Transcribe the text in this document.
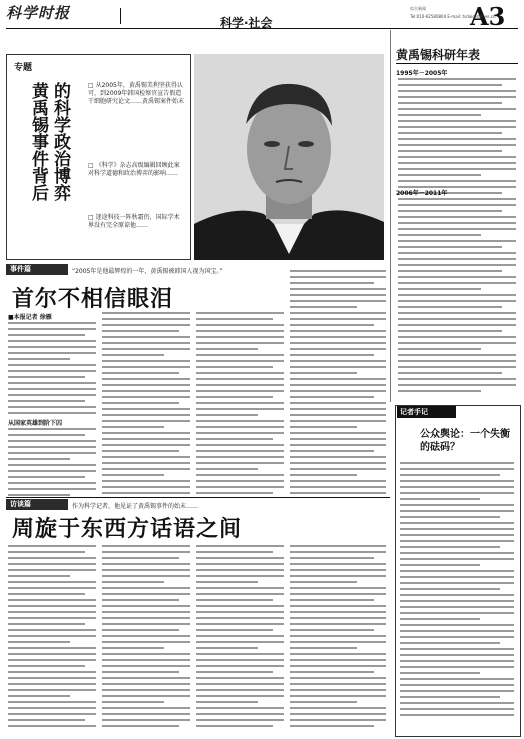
科学时报
科学·社会	A3
综合新闻
Tel:010-62580804 E-mail: tsdai@stimes.cn
专题
黄禹锡事件背后 的科学政治博弈	□ 从2005年，黄禹锡美利坚获得认可，到2009年韩国检察官宣告假造干细胞研究论文……黄禹锡案件始末
□ 《科学》杂志高级编辑回顾此案对科学道德和政治博弈的影响……
□ 迷途科技一阵秋霜仍，国际学术界没有完全原谅他……
黄禹锡科研年表
1995年－2005年
2006年－2011年
事件篇	“2005年是他最辉煌的一年，黄禹锡被韩国人视为国宝。”
首尔不相信眼泪
■本报记者 徐雁
从国家英雄到阶下囚
访谈篇	作为科学记者，他见证了黄禹锡事件的始末……
周旋于东西方话语之间
记者手记
公众舆论：一个失衡的砝码？
